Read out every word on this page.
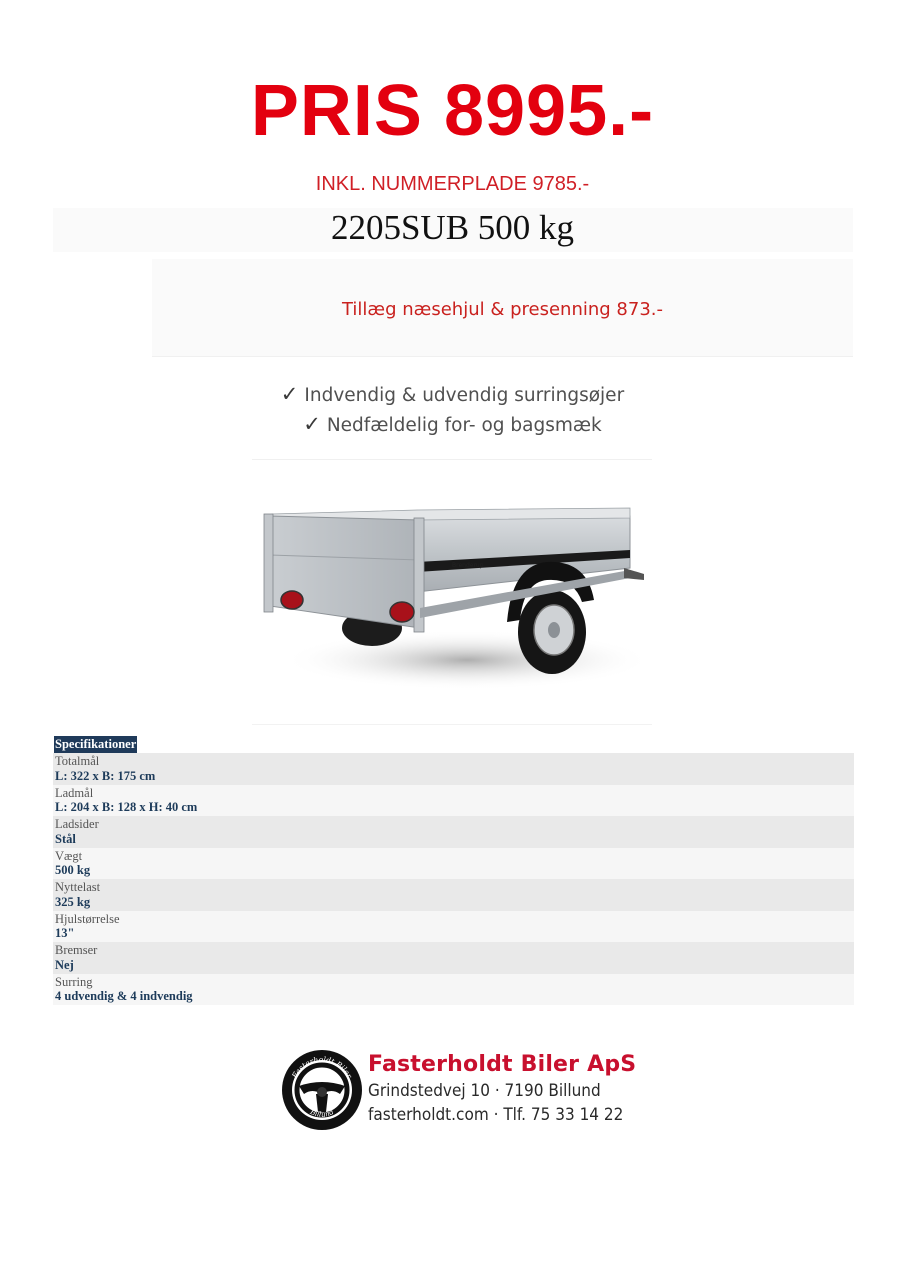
PRIS 8995.-
INKL. NUMMERPLADE 9785.-
2205SUB 500 kg
Tillæg næsehjul & presenning 873.-
✓ Indvendig & udvendig surringsøjer
✓ Nedfældelig for- og bagsmæk
Brenderup
Specifikationer
Totalmål
L: 322 x B: 175 cm
Ladmål
L: 204 x B: 128 x H: 40 cm
Ladsider
Stål
Vægt
500 kg
Nyttelast
325 kg
Hjulstørrelse
13"
Bremser
Nej
Surring
4 udvendig & 4 indvendig
Fasterholdt Biler
Billund
Fasterholdt Biler ApS
Grindstedvej 10 · 7190 Billund
fasterholdt.com · Tlf. 75 33 14 22
